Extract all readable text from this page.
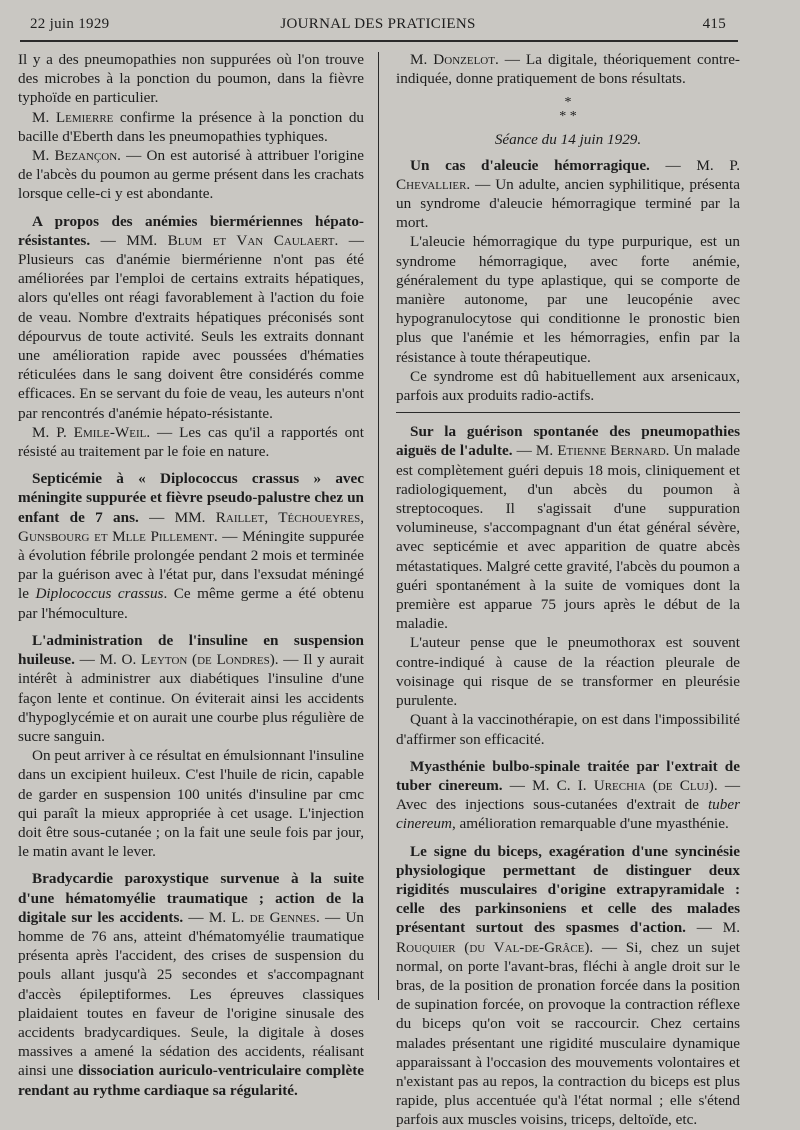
22 juin 1929	JOURNAL DES PRATICIENS	415

Il y a des pneumopathies non suppurées où l'on trouve des microbes à la ponction du poumon, dans la fièvre typhoïde en particulier.

M. Lemierre confirme la présence à la ponction du bacille d'Eberth dans les pneumopathies typhiques.

M. Bezançon. — On est autorisé à attribuer l'origine de l'abcès du poumon au germe présent dans les crachats lorsque celle-ci y est abondante.

A propos des anémies biermériennes hépato-résistantes. — MM. Blum et Van Caulaert. — Plusieurs cas d'anémie biermérienne n'ont pas été améliorées par l'emploi de certains extraits hépatiques, alors qu'elles ont réagi favorablement à l'action du foie de veau. Nombre d'extraits hépatiques préconisés sont dépourvus de toute activité. Seuls les extraits donnant une amélioration rapide avec poussées d'hématies réticulées dans le sang doivent être considérés comme efficaces. En se servant du foie de veau, les auteurs n'ont par rencontrés d'anémie hépato-résistante.

M. P. Emile-Weil. — Les cas qu'il a rapportés ont résisté au traitement par le foie en nature.

Septicémie à « Diplococcus crassus » avec méningite suppurée et fièvre pseudo-palustre chez un enfant de 7 ans. — MM. Raillet, Téchoueyres, Gunsbourg et Mlle Pillement. — Méningite suppurée à évolution fébrile prolongée pendant 2 mois et terminée par la guérison avec à l'état pur, dans l'exsudat méningé le Diplococcus crassus. Ce même germe a été obtenu par l'hémoculture.

L'administration de l'insuline en suspension huileuse. — M. O. Leyton (de Londres). — Il y aurait intérêt à administrer aux diabétiques l'insuline d'une façon lente et continue. On éviterait ainsi les accidents d'hypoglycémie et on aurait une courbe plus régulière de sucre sanguin.

On peut arriver à ce résultat en émulsionnant l'insuline dans un excipient huileux. C'est l'huile de ricin, capable de garder en suspension 100 unités d'insuline par cmc qui paraît la mieux appropriée à cet usage. L'injection doit être sous-cutanée ; on la fait une seule fois par jour, le matin avant le lever.

Bradycardie paroxystique survenue à la suite d'une hématomyélie traumatique ; action de la digitale sur les accidents. — M. L. de Gennes. — Un homme de 76 ans, atteint d'hématomyélie traumatique présenta après l'accident, des crises de suspension du pouls allant jusqu'à 25 secondes et s'accompagnant d'accès épileptiformes. Les épreuves classiques plaidaient toutes en faveur de l'origine sinusale des accidents bradycardiques. Seule, la digitale à doses massives a amené la sédation des accidents, réalisant ainsi une dissociation auriculo-ventriculaire complète rendant au rythme cardiaque sa régularité.

M. Donzelot. — La digitale, théoriquement contre-indiquée, donne pratiquement de bons résultats.

*
* *
Séance du 14 juin 1929.

Un cas d'aleucie hémorragique. — M. P. Chevallier. — Un adulte, ancien syphilitique, présenta un syndrome d'aleucie hémorragique terminé par la mort.

L'aleucie hémorragique du type purpurique, est un syndrome hémorragique, avec forte anémie, généralement du type aplastique, qui se comporte de manière autonome, par une leucopénie avec hypogranulocytose qui conditionne le pronostic bien plus que l'anémie et les hémorragies, enfin par la résistance à toute thérapeutique.

Ce syndrome est dû habituellement aux arsenicaux, parfois aux produits radio-actifs.

Sur la guérison spontanée des pneumopathies aiguës de l'adulte. — M. Etienne Bernard. Un malade est complètement guéri depuis 18 mois, cliniquement et radiologiquement, d'un abcès du poumon à streptocoques. Il s'agissait d'une suppuration volumineuse, s'accompagnant d'un état général sévère, avec septicémie et avec apparition de quatre abcès métastatiques. Malgré cette gravité, l'abcès du poumon a guéri spontanément à la suite de vomiques dont la première est apparue 75 jours après le début de la maladie.

L'auteur pense que le pneumothorax est souvent contre-indiqué à cause de la réaction pleurale de voisinage qui risque de se transformer en pleurésie purulente.

Quant à la vaccinothérapie, on est dans l'impossibilité d'affirmer son efficacité.

Myasthénie bulbo-spinale traitée par l'extrait de tuber cinereum. — M. C. I. Urechia (de Cluj). — Avec des injections sous-cutanées d'extrait de tuber cinereum, amélioration remarquable d'une myasthénie.

Le signe du biceps, exagération d'une syncinésie physiologique permettant de distinguer deux rigidités musculaires d'origine extrapyramidale : celle des parkinsoniens et celle des malades présentant surtout des spasmes d'action. — M. Rouquier (du Val-de-Grâce). — Si, chez un sujet normal, on porte l'avant-bras, fléchi à angle droit sur le bras, de la position de pronation forcée dans la position de supination forcée, on provoque la contraction réflexe du biceps qu'on voit se raccourcir. Chez certains malades présentant une rigidité musculaire dynamique apparaissant à l'occasion des mouvements volontaires et n'existant pas au repos, la contraction du biceps est plus rapide, plus accentuée qu'à l'état normal ; elle s'étend parfois aux muscles voisins, triceps, deltoïde, etc.
